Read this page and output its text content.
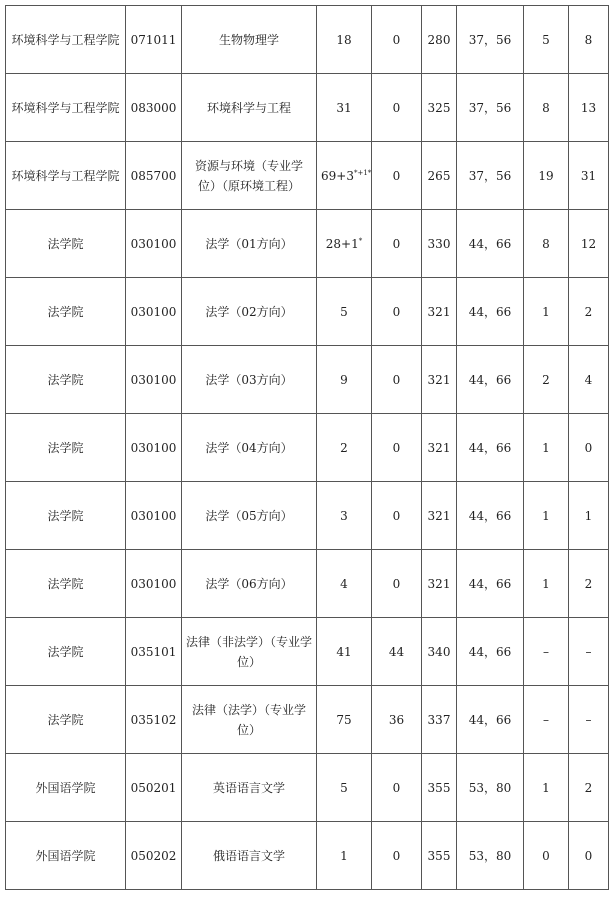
环境科学与工程学院	071011	生物物理学	18	0	280	37，56	5	8
环境科学与工程学院	083000	环境科学与工程	31	0	325	37，56	8	13
环境科学与工程学院	085700	资源与环境（专业学位）（原环境工程）	$69+3^{*+1*}$	0	265	37，56	19	31
法学院	030100	法学（01方向）	28+1*	0	330	44，66	8	12
法学院	030100	法学（02方向）	5	0	321	44，66	1	2
法学院	030100	法学（03方向）	9	0	321	44，66	2	4
法学院	030100	法学（04方向）	2	0	321	44，66	1	0
法学院	030100	法学（05方向）	3	0	321	44，66	1	1
法学院	030100	法学（06方向）	4	0	321	44，66	1	2
法学院	035101	法律（非法学）（专业学位）	41	44	340	44，66	–	–
法学院	035102	法律（法学）（专业学位）	75	36	337	44，66	–	–
外国语学院	050201	英语语言文学	5	0	355	53，80	1	2
外国语学院	050202	俄语语言文学	1	0	355	53，80	0	0
